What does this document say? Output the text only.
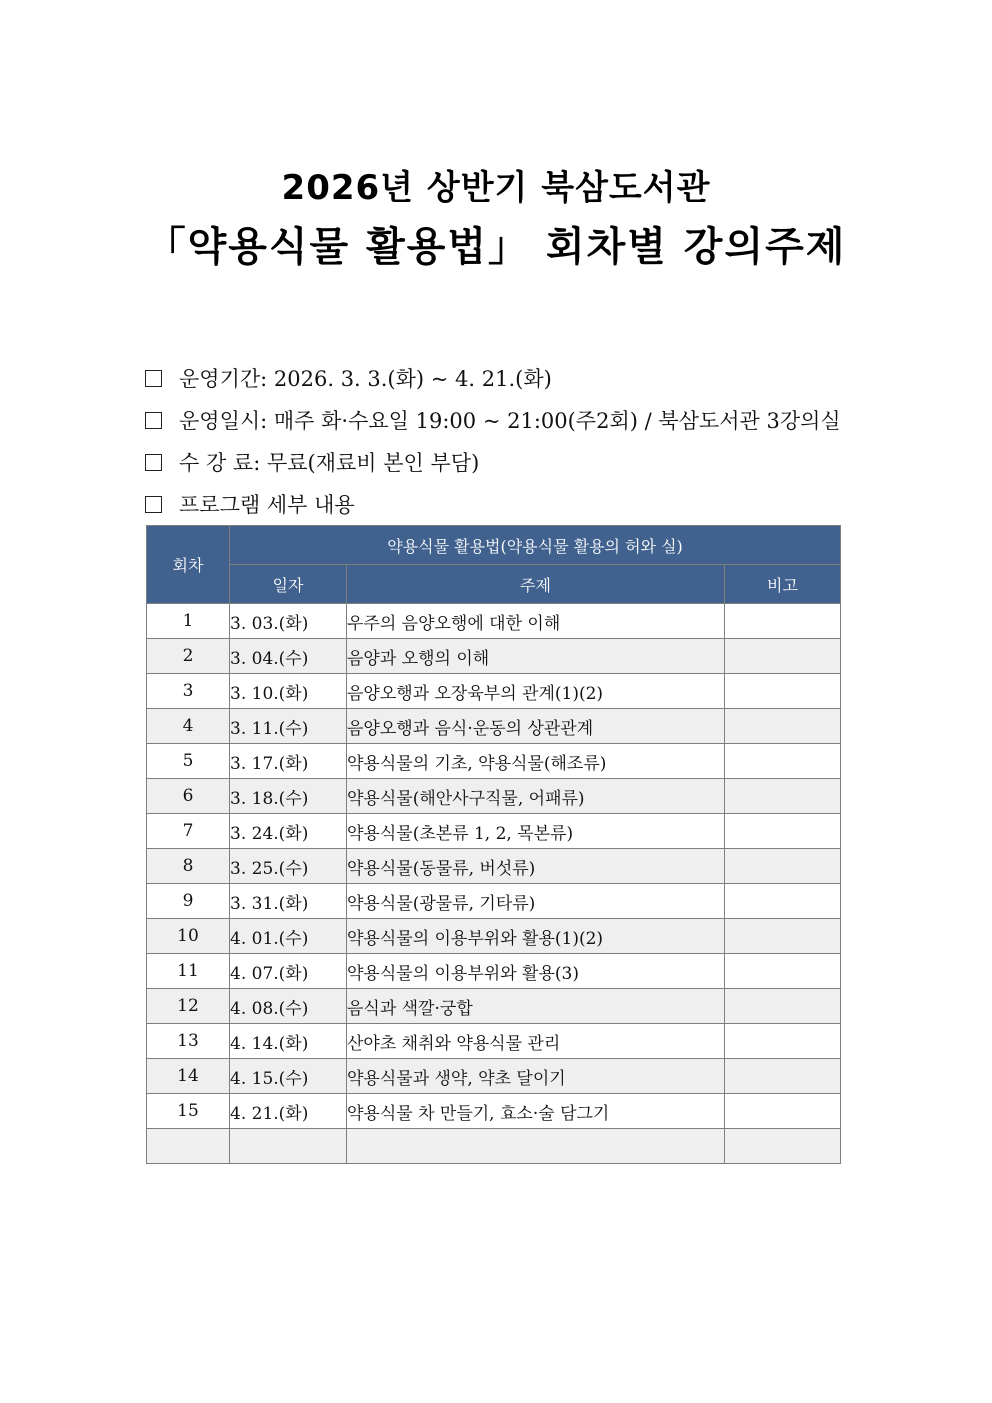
2026년 상반기 북삼도서관
「약용식물 활용법」 회차별 강의주제
운영기간: 2026. 3. 3.(화) ~ 4. 21.(화)
운영일시: 매주 화·수요일 19:00 ~ 21:00(주2회) / 북삼도서관 3강의실
수 강 료: 무료(재료비 본인 부담)
프로그램 세부 내용
회차	약용식물 활용법(약용식물 활용의 허와 실)		
	일자	주제	비고
1	3. 03.(화)	우주의 음양오행에 대한 이해	
2	3. 04.(수)	음양과 오행의 이해	
3	3. 10.(화)	음양오행과 오장육부의 관계(1)(2)	
4	3. 11.(수)	음양오행과 음식·운동의 상관관계	
5	3. 17.(화)	약용식물의 기초, 약용식물(해조류)	
6	3. 18.(수)	약용식물(해안사구직물, 어패류)	
7	3. 24.(화)	약용식물(초본류 1, 2, 목본류)	
8	3. 25.(수)	약용식물(동물류, 버섯류)	
9	3. 31.(화)	약용식물(광물류, 기타류)	
10	4. 01.(수)	약용식물의 이용부위와 활용(1)(2)	
11	4. 07.(화)	약용식물의 이용부위와 활용(3)	
12	4. 08.(수)	음식과 색깔·궁합	
13	4. 14.(화)	산야초 채취와 약용식물 관리	
14	4. 15.(수)	약용식물과 생약, 약초 달이기	
15	4. 21.(화)	약용식물 차 만들기, 효소·술 담그기	
